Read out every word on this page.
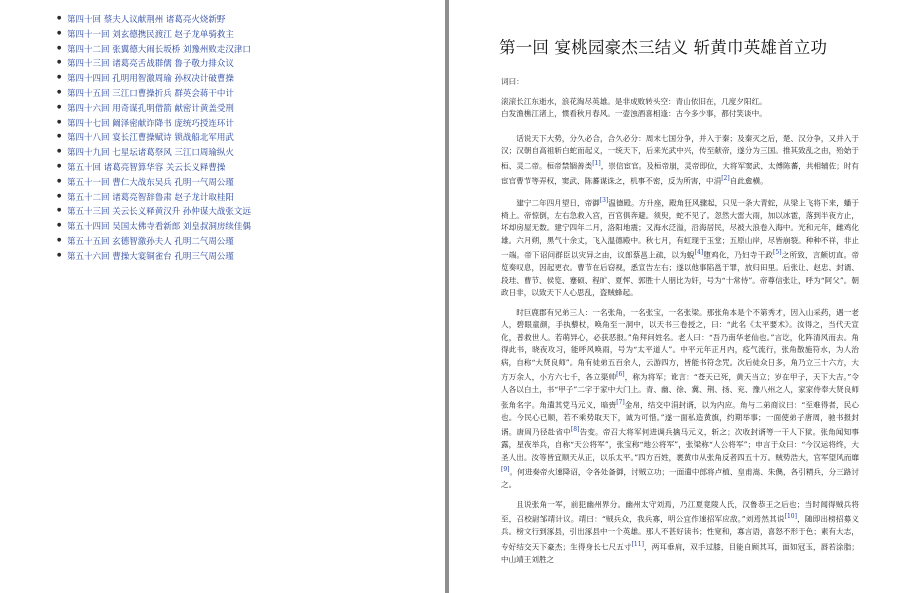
● 第四十回 蔡夫人议献荆州 诸葛亮火烧新野
● 第四十一回 刘玄德携民渡江 赵子龙单骑救主
● 第四十二回 张翼德大闹长坂桥 刘豫州败走汉津口
● 第四十三回 诸葛亮舌战群儒 鲁子敬力排众议
● 第四十四回 孔明用智激周瑜 孙权决计破曹操
● 第四十五回 三江口曹操折兵 群英会蒋干中计
● 第四十六回 用奇谋孔明借箭 献密计黄盖受刑
● 第四十七回 阚泽密献诈降书 庞统巧授连环计
● 第四十八回 宴长江曹操赋诗 锁战船北军用武
● 第四十九回 七星坛诸葛祭风 三江口周瑜纵火
● 第五十回 诸葛亮智算华容 关云长义释曹操
● 第五十一回 曹仁大战东吴兵 孔明一气周公瑾
● 第五十二回 诸葛亮智辞鲁肃 赵子龙计取桂阳
● 第五十三回 关云长义释黄汉升 孙仲谋大战张文远
● 第五十四回 吴国太佛寺看新郎 刘皇叔洞房续佳偶
● 第五十五回 玄德智激孙夫人 孔明二气周公瑾
● 第五十六回 曹操大宴铜雀台 孔明三气周公瑾
第一回 宴桃园豪杰三结义 斩黄巾英雄首立功

词曰：

滚滚长江东逝水，浪花淘尽英雄。是非成败转头空：青山依旧在，几度夕阳红。
白发渔樵江渚上，惯看秋月春风。一壶浊酒喜相逢：古今多少事，都付笑谈中。

话说天下大势，分久必合，合久必分：周末七国分争，并入于秦；及秦灭之后，楚、汉分争，又并入于汉；汉朝自高祖斩白蛇而起义，一统天下，后来光武中兴，传至献帝，遂分为三国。推其致乱之由，殆始于桓、灵二帝。桓帝禁锢善类[1]，崇信宦官。及桓帝崩，灵帝即位，大将军窦武、太傅陈蕃，共相辅佐；时有宦官曹节等弄权，窦武、陈蕃谋诛之，机事不密，反为所害，中涓[2]自此愈横。

建宁二年四月望日，帝御[3]温德殿。方升座，殿角狂风骤起，只见一条大青蛇，从梁上飞将下来，蟠于椅上。帝惊倒，左右急救入宫，百官俱奔避。须臾，蛇不见了。忽然大雷大雨，加以冰雹，落到半夜方止，坏却房屋无数。建宁四年二月，洛阳地震；又海水泛溢，沿海居民，尽被大浪卷入海中。光和元年，雌鸡化雄。六月朔，黑气十余丈，飞入温德殿中。秋七月，有虹现于玉堂；五原山岸，尽皆崩裂。种种不祥，非止一端。帝下诏问群臣以灾异之由，议郎蔡邕上疏，以为蜺[4]堕鸡化，乃妇寺干政[5]之所致，言颇切直。帝览奏叹息，因起更衣。曹节在后窃视，悉宣告左右；遂以他事陷邕于罪，放归田里。后张让、赵忠、封谞、段珪、曹节、侯览、蹇硕、程旷、夏恽、郭胜十人朋比为奸，号为“十常侍”。帝尊信张让，呼为“阿父”。朝政日非，以致天下人心思乱，盗贼蜂起。

时巨鹿郡有兄弟三人：一名张角，一名张宝，一名张梁。那张角本是个不第秀才，因入山采药，遇一老人，碧眼童颜，手执藜杖，唤角至一洞中，以天书三卷授之，曰：“此名《太平要术》。汝得之，当代天宣化，普救世人。若萌异心，必获恶报。”角拜问姓名。老人曰：“吾乃南华老仙也。”言讫，化阵清风而去。角得此书，晓夜攻习，能呼风唤雨，号为“太平道人”。中平元年正月内，疫气流行，张角散施符水，为人治病，自称“大贤良师”。角有徒弟五百余人，云游四方，皆能书符念咒。次后徒众日多，角乃立三十六方，大方万余人，小方六七千，各立渠帅[6]，称为将军；讹言：“苍天已死，黄天当立；岁在甲子，天下大吉。”令人各以白土，书“甲子”二字于家中大门上。青、幽、徐、冀、荆、扬、兖、豫八州之人，家家侍奉大贤良师张角名字。角遣其党马元义，暗赍[7]金帛，结交中涓封谞，以为内应。角与二弟商议曰：“至难得者，民心也。今民心已顺，若不乘势取天下，诚为可惜。”遂一面私造黄旗，约期举事；一面使弟子唐周，驰书报封谞。唐周乃径赴省中[8]告变。帝召大将军何进调兵擒马元义，斩之；次收封谞等一干人下狱。张角闻知事露，星夜举兵，自称“天公将军”，张宝称“地公将军”，张梁称“人公将军”；申言于众曰：“今汉运将终，大圣人出。汝等皆宜顺天从正，以乐太平。”四方百姓，裹黄巾从张角反者四五十万。贼势浩大，官军望风而靡[9]。何进奏帝火速降诏，令各处备御，讨贼立功；一面遣中郎将卢植、皇甫嵩、朱儁，各引精兵，分三路讨之。

且说张角一军，前犯幽州界分。幽州太守刘焉，乃江夏竟陵人氏，汉鲁恭王之后也；当时闻得贼兵将至，召校尉邹靖计议。靖曰：“贼兵众，我兵寡，明公宜作速招军应敌。”刘焉然其说[10]，随即出榜招募义兵。榜文行到涿县，引出涿县中一个英雄。那人不甚好读书；性宽和，寡言语，喜怒不形于色；素有大志，专好结交天下豪杰；生得身长七尺五寸[11]，两耳垂肩，双手过膝，目能自顾其耳，面如冠玉，唇若涂脂；中山靖王刘胜之
